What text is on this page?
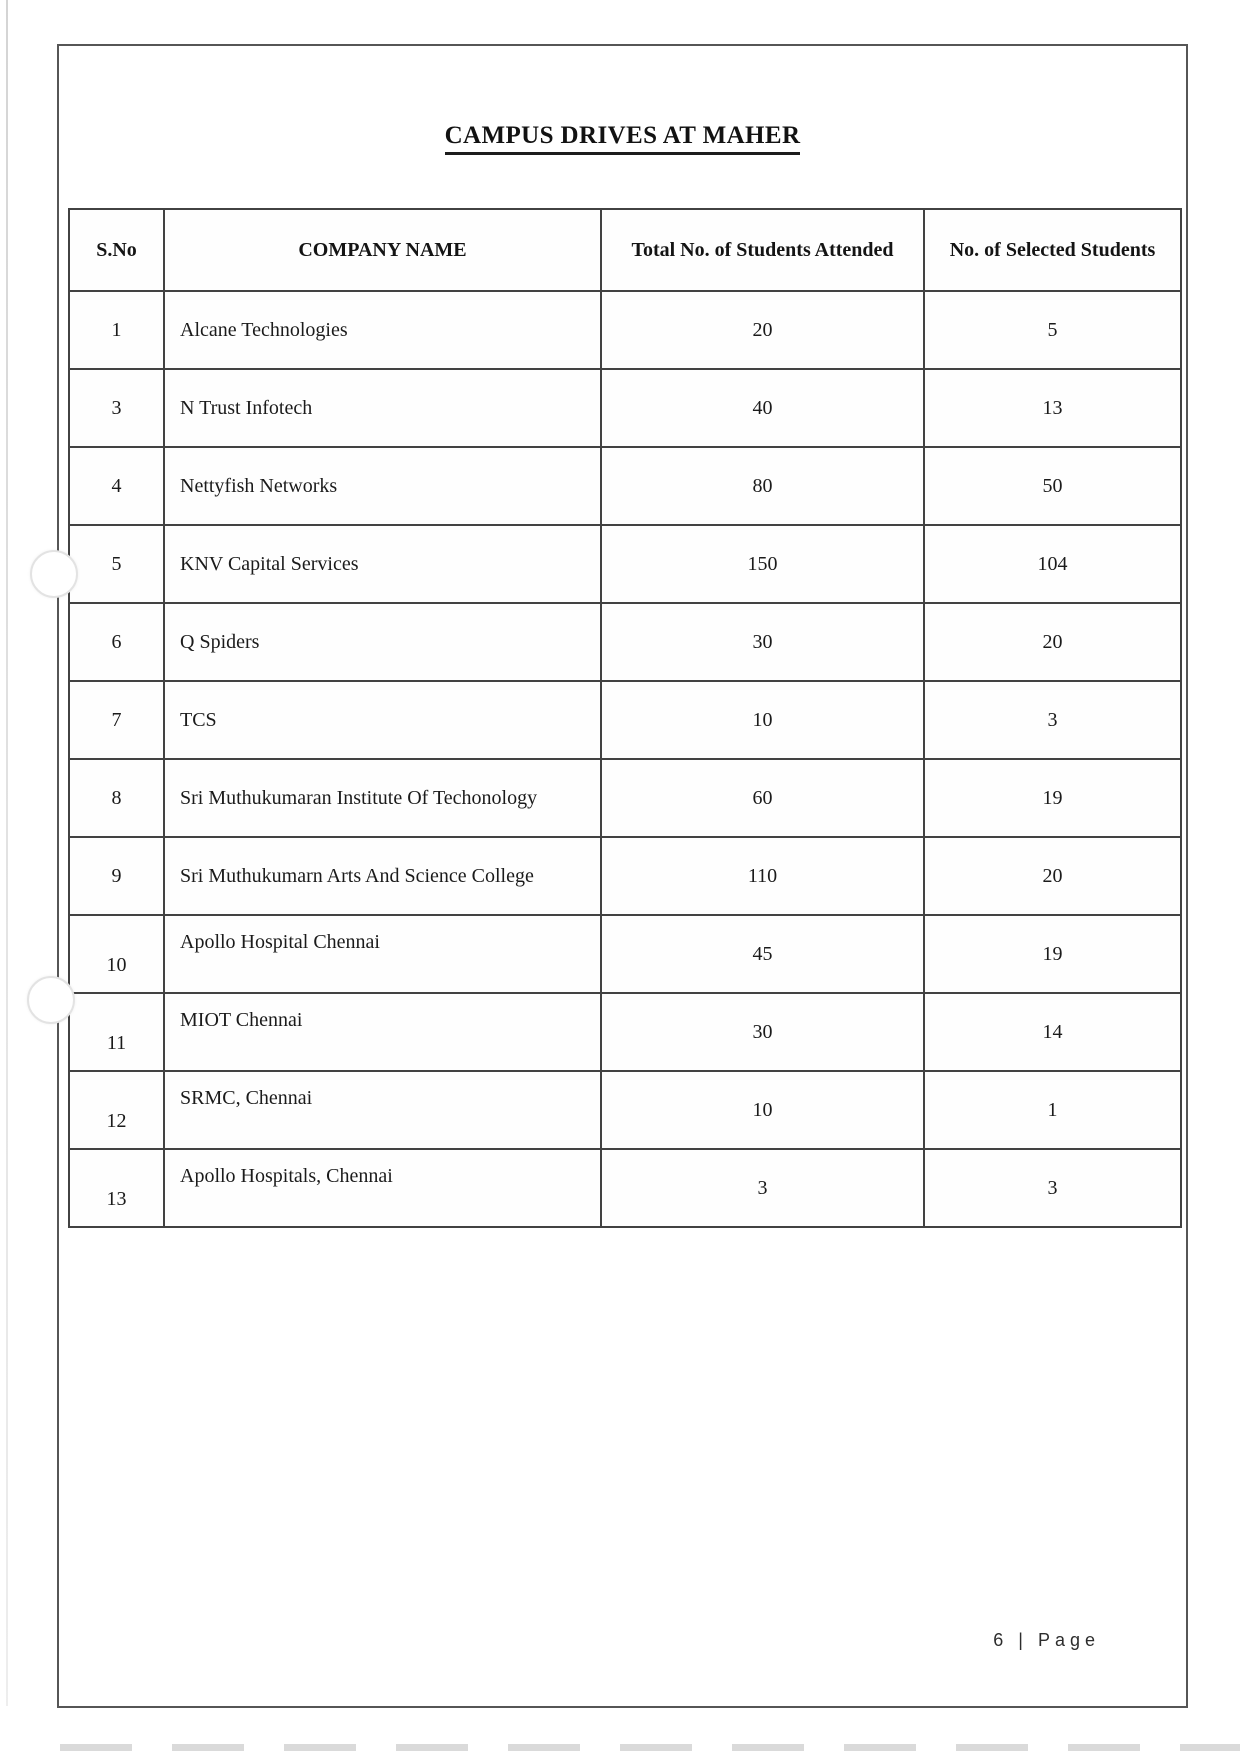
CAMPUS DRIVES AT MAHER
S.No	COMPANY NAME	Total No. of Students Attended	No. of Selected Students
1	Alcane Technologies	20	5
3	N Trust Infotech	40	13
4	Nettyfish Networks	80	50
5	KNV Capital Services	150	104
6	Q Spiders	30	20
7	TCS	10	3
8	Sri Muthukumaran Institute Of Techonology	60	19
9	Sri Muthukumarn Arts And Science College	110	20
10	Apollo Hospital Chennai	45	19
11	MIOT Chennai	30	14
12	SRMC, Chennai	10	1
13	Apollo Hospitals, Chennai	3	3
6 | Page
